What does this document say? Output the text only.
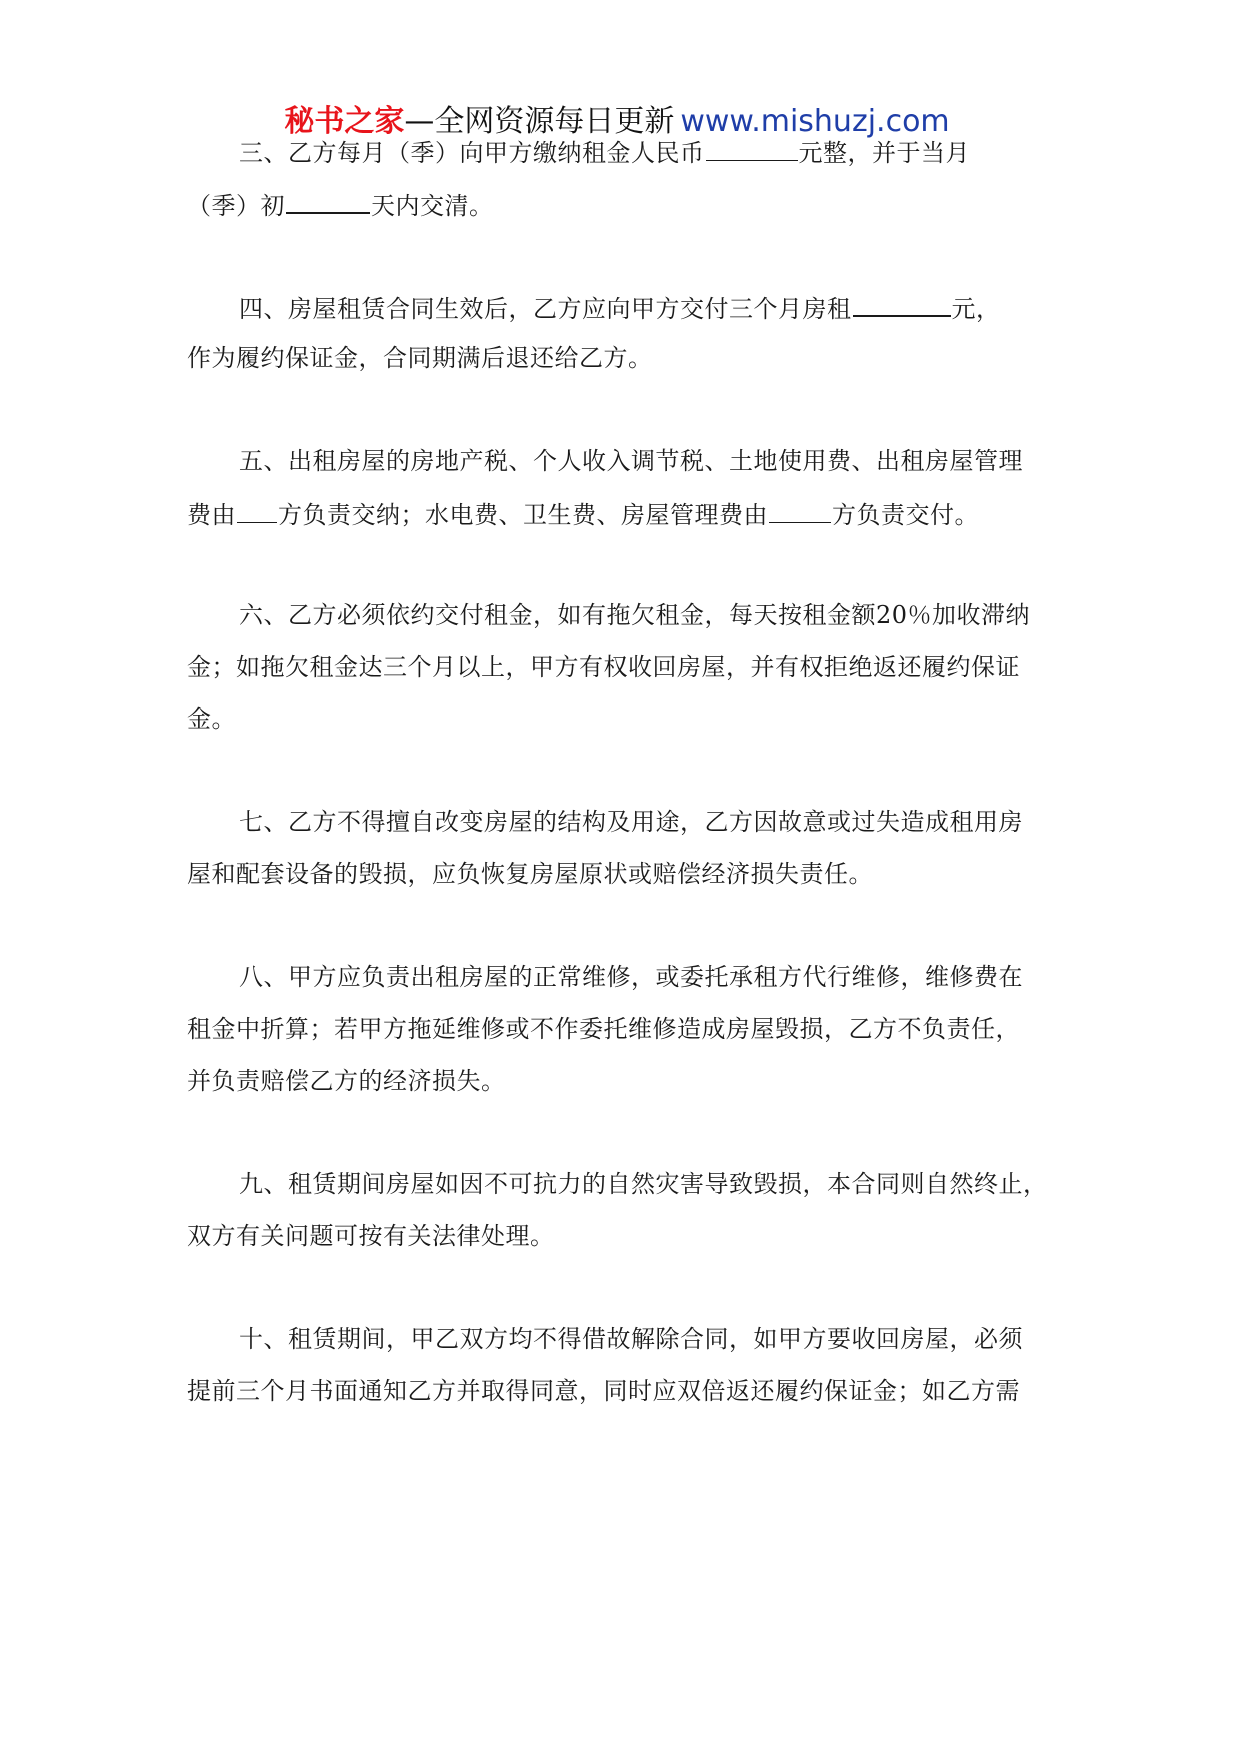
秘书之家—全网资源每日更新 www.mishuzj.com
三、乙方每月（季）向甲方缴纳租金人民币	元整，并于当月
（季）初	天内交清。
四、房屋租赁合同生效后，乙方应向甲方交付三个月房租	元，
作为履约保证金，合同期满后退还给乙方。
五、出租房屋的房地产税、个人收入调节税、土地使用费、出租房屋管理
费由 方负责交纳；水电费、卫生费、房屋管理费由	方负责交付。
六、乙方必须依约交付租金，如有拖欠租金，每天按租金额20％加收滞纳
金；如拖欠租金达三个月以上，甲方有权收回房屋，并有权拒绝返还履约保证
金。
七、乙方不得擅自改变房屋的结构及用途，乙方因故意或过失造成租用房
屋和配套设备的毁损，应负恢复房屋原状或赔偿经济损失责任。
八、甲方应负责出租房屋的正常维修，或委托承租方代行维修，维修费在
租金中折算；若甲方拖延维修或不作委托维修造成房屋毁损，乙方不负责任，
并负责赔偿乙方的经济损失。
九、租赁期间房屋如因不可抗力的自然灾害导致毁损，本合同则自然终止，
双方有关问题可按有关法律处理。
十、租赁期间，甲乙双方均不得借故解除合同，如甲方要收回房屋，必须
提前三个月书面通知乙方并取得同意，同时应双倍返还履约保证金；如乙方需
